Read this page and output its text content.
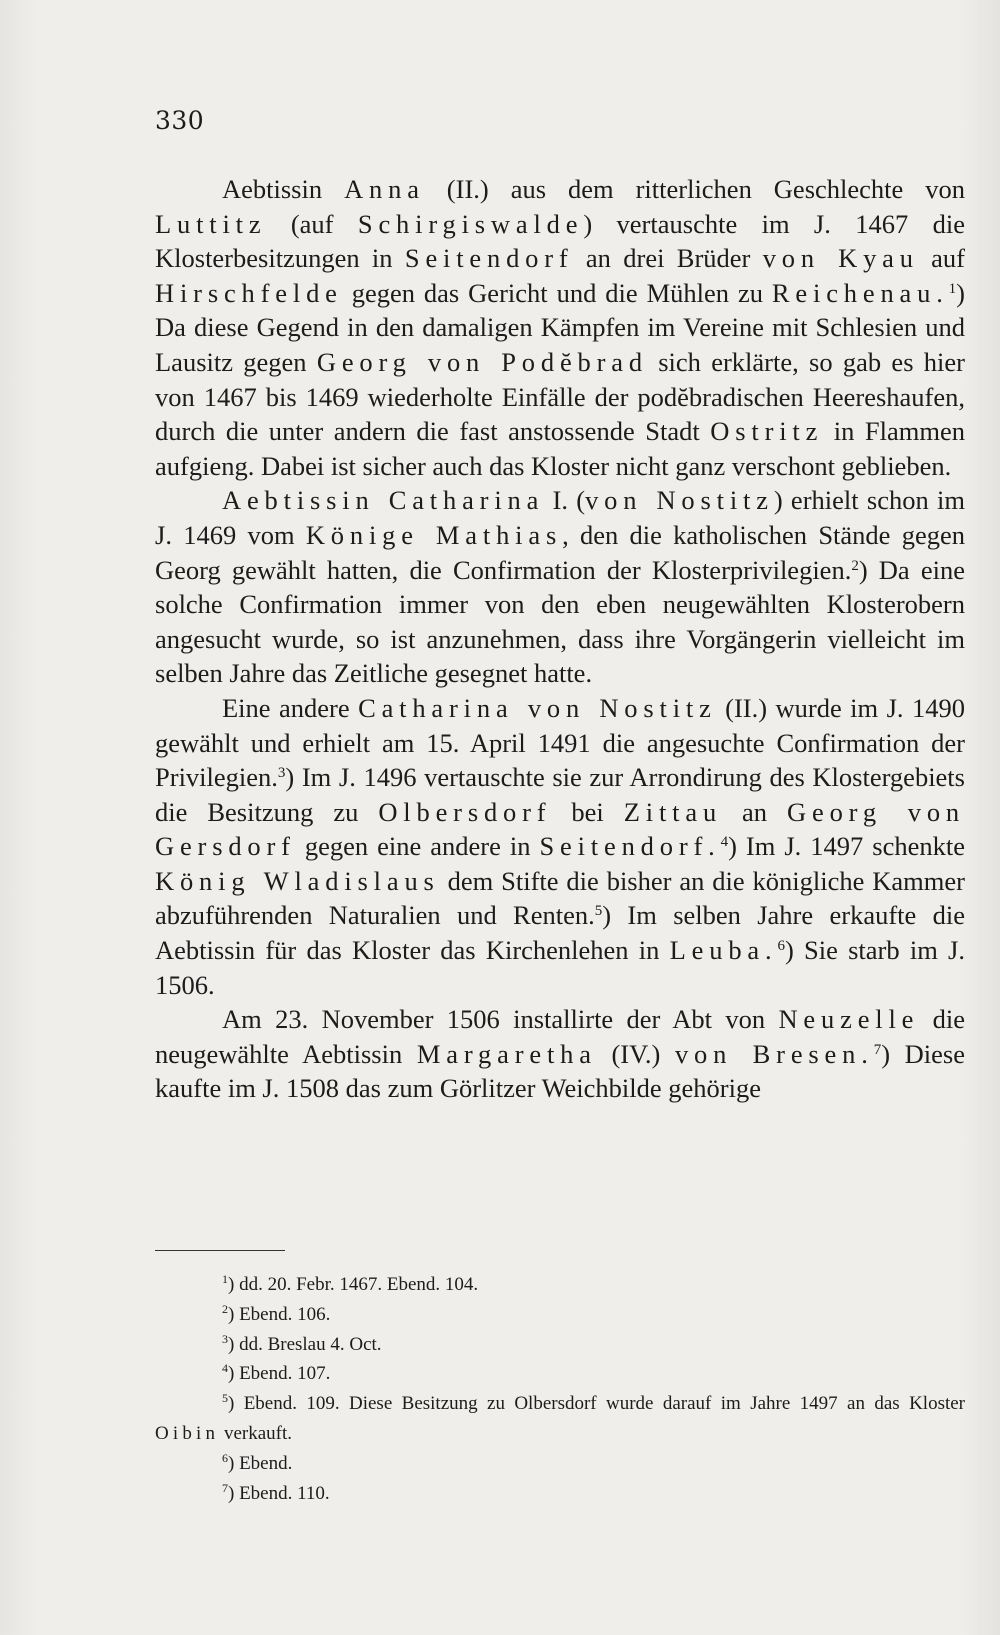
330

Aebtissin Anna (II.) aus dem ritterlichen Geschlechte von Luttitz (auf Schirgiswalde) vertauschte im J. 1467 die Klosterbesitzungen in Seitendorf an drei Brüder von Kyau auf Hirschfelde gegen das Gericht und die Mühlen zu Reichenau.$^1$) Da diese Gegend in den damaligen Kämpfen im Vereine mit Schlesien und Lausitz gegen Georg von Podĕbrad sich erklärte, so gab es hier von 1467 bis 1469 wiederholte Einfälle der podĕbradischen Heereshaufen, durch die unter andern die fast anstossende Stadt Ostritz in Flammen aufgieng. Dabei ist sicher auch das Kloster nicht ganz verschont geblieben.

Aebtissin Catharina I. (von Nostitz) erhielt schon im J. 1469 vom Könige Mathias, den die katholischen Stände gegen Georg gewählt hatten, die Confirmation der Klosterprivilegien.$^2$) Da eine solche Confirmation immer von den eben neugewählten Klosterobern angesucht wurde, so ist anzunehmen, dass ihre Vorgängerin vielleicht im selben Jahre das Zeitliche gesegnet hatte.

Eine andere Catharina von Nostitz (II.) wurde im J. 1490 gewählt und erhielt am 15. April 1491 die angesuchte Confirmation der Privilegien.$^3$) Im J. 1496 vertauschte sie zur Arrondirung des Klostergebiets die Besitzung zu Olbersdorf bei Zittau an Georg von Gersdorf gegen eine andere in Seitendorf.$^4$) Im J. 1497 schenkte König Wladislaus dem Stifte die bisher an die königliche Kammer abzuführenden Naturalien und Renten.$^5$) Im selben Jahre erkaufte die Aebtissin für das Kloster das Kirchenlehen in Leuba.$^6$) Sie starb im J. 1506.

Am 23. November 1506 installirte der Abt von Neuzelle die neugewählte Aebtissin Margaretha (IV.) von Bresen.$^7$) Diese kaufte im J. 1508 das zum Görlitzer Weichbilde gehörige

$^1$) dd. 20. Febr. 1467. Ebend. 104.

$^2$) Ebend. 106.

$^3$) dd. Breslau 4. Oct.

$^4$) Ebend. 107.

$^5$) Ebend. 109. Diese Besitzung zu Olbersdorf wurde darauf im Jahre 1497 an das Kloster Oibin verkauft.

$^6$) Ebend.

$^7$) Ebend. 110.
